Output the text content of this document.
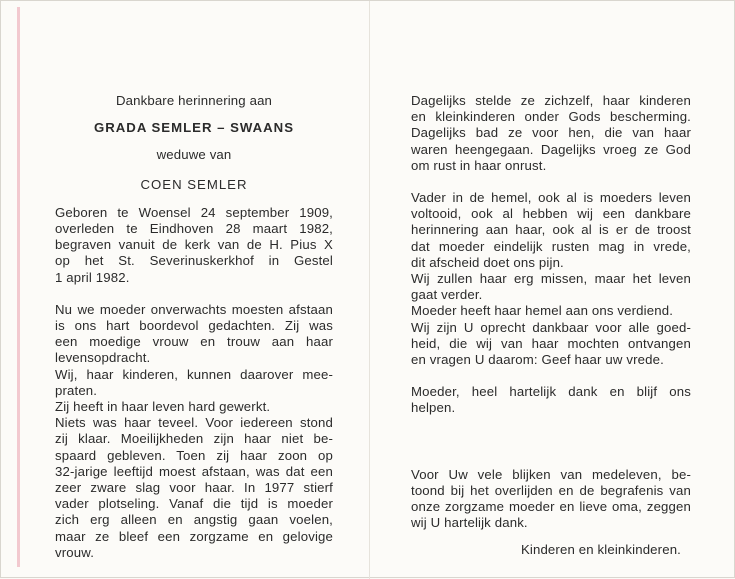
Dankbare herinnering aan
GRADA SEMLER – SWAANS
weduwe van
COEN SEMLER
Geboren te Woensel 24 september 1909,
overleden te Eindhoven 28 maart 1982,
begraven vanuit de kerk van de H. Pius X
op het St. Severinuskerkhof in Gestel
1 april 1982.
Nu we moeder onverwachts moesten afstaan
is ons hart boordevol gedachten. Zij was
een moedige vrouw en trouw aan haar
levensopdracht.
Wij, haar kinderen, kunnen daarover mee-
praten.
Zij heeft in haar leven hard gewerkt.
Niets was haar teveel. Voor iedereen stond
zij klaar. Moeilijkheden zijn haar niet be-
spaard gebleven. Toen zij haar zoon op
32-jarige leeftijd moest afstaan, was dat een
zeer zware slag voor haar. In 1977 stierf
vader plotseling. Vanaf die tijd is moeder
zich erg alleen en angstig gaan voelen,
maar ze bleef een zorgzame en gelovige
vrouw.
Dagelijks stelde ze zichzelf, haar kinderen
en kleinkinderen onder Gods bescherming.
Dagelijks bad ze voor hen, die van haar
waren heengegaan. Dagelijks vroeg ze God
om rust in haar onrust.
Vader in de hemel, ook al is moeders leven
voltooid, ook al hebben wij een dankbare
herinnering aan haar, ook al is er de troost
dat moeder eindelijk rusten mag in vrede,
dit afscheid doet ons pijn.
Wij zullen haar erg missen, maar het leven
gaat verder.
Moeder heeft haar hemel aan ons verdiend.
Wij zijn U oprecht dankbaar voor alle goed-
heid, die wij van haar mochten ontvangen
en vragen U daarom: Geef haar uw vrede.
Moeder, heel hartelijk dank en blijf ons
helpen.
Voor Uw vele blijken van medeleven, be-
toond bij het overlijden en de begrafenis van
onze zorgzame moeder en lieve oma, zeggen
wij U hartelijk dank.
Kinderen en kleinkinderen.
